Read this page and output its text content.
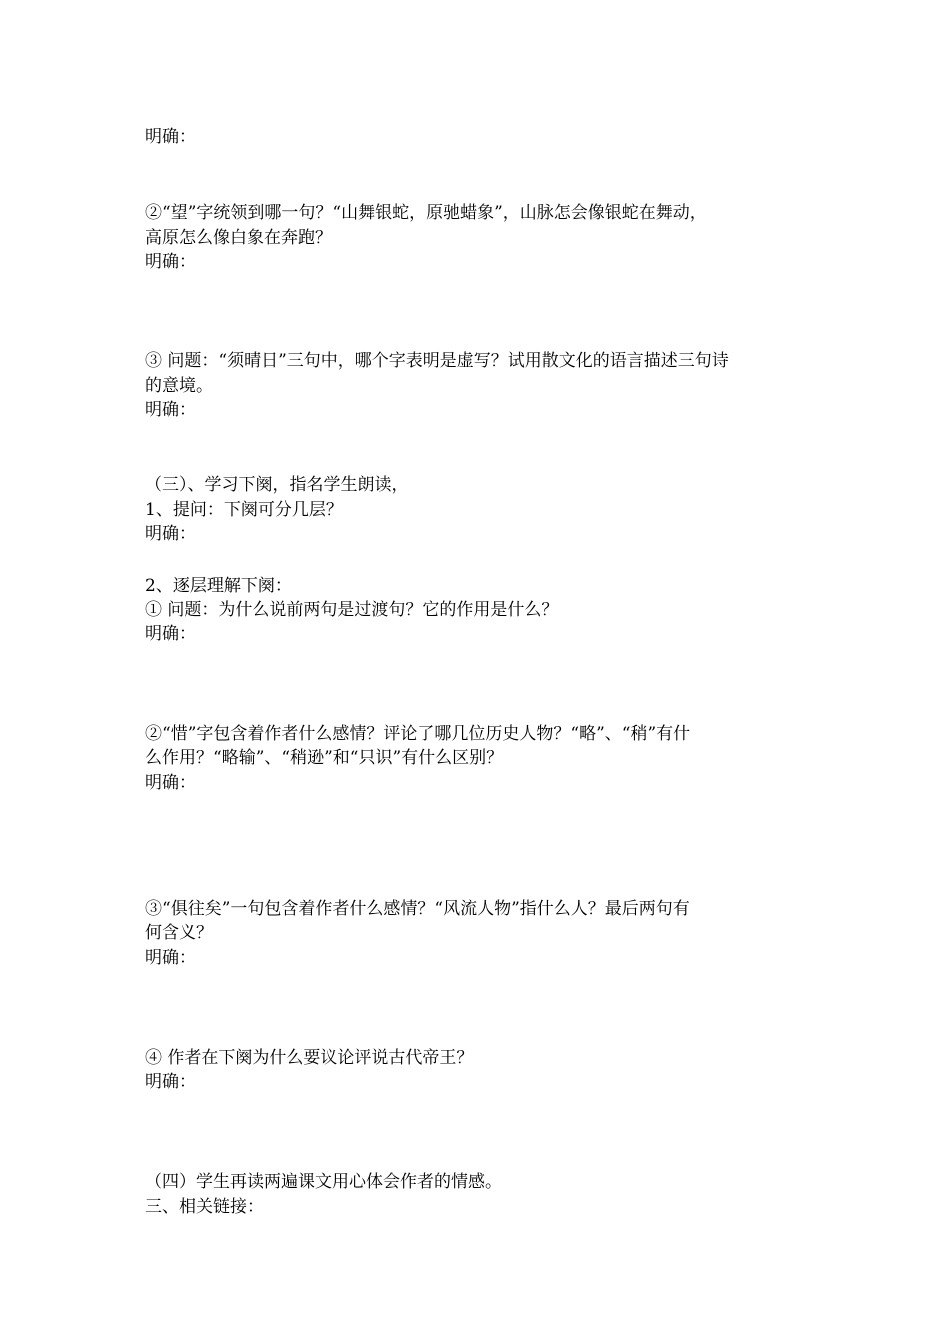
明确：
②“望”字统领到哪一句？“山舞银蛇，原驰蜡象”，山脉怎会像银蛇在舞动，
高原怎么像白象在奔跑？
明确：
③ 问题：“须晴日”三句中，哪个字表明是虚写？试用散文化的语言描述三句诗
的意境。
明确：
（三）、学习下阕，指名学生朗读，
1、提问：下阕可分几层？
明确：
2、逐层理解下阕：
① 问题：为什么说前两句是过渡句？它的作用是什么？
明确：
②“惜”字包含着作者什么感情？评论了哪几位历史人物？“略”、“稍”有什
么作用？“略输”、“稍逊”和“只识”有什么区别？
明确：
③“俱往矣”一句包含着作者什么感情？“风流人物”指什么人？最后两句有
何含义？
明确：
④ 作者在下阕为什么要议论评说古代帝王？
明确：
（四）学生再读两遍课文用心体会作者的情感。
三、相关链接：
